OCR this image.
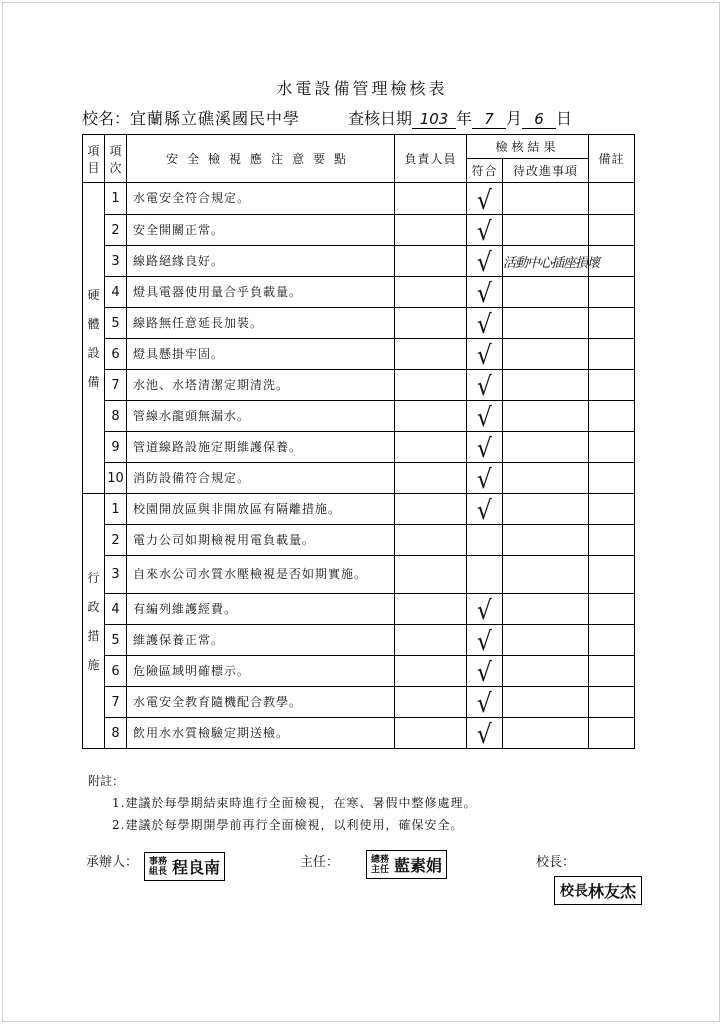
水電設備管理檢核表
校名：宜蘭縣立礁溪國民中學	查核日期 103 年 7 月 6 日
項目	項次	安全檢視應注意要點	負責人員	檢核結果		備註
				符合	待改進事項	

硬
體
設
備	1	水電安全符合規定。		√		
	2	安全開關正常。		√		
	3	線路絕緣良好。		√	活動中心插座損壞	
	4	燈具電器使用量合乎負載量。		√		
	5	線路無任意延長加裝。		√		
	6	燈具懸掛牢固。		√		
	7	水池、水塔清潔定期清洗。		√		
	8	管線水龍頭無漏水。		√		
	9	管道線路設施定期維護保養。		√		
	10	消防設備符合規定。		√		

行
政
措
施	1	校園開放區與非開放區有隔離措施。		√		
	2	電力公司如期檢視用電負載量。				
	3	自來水公司水質水壓檢視是否如期實施。				
	4	有編列維護經費。		√		
	5	維護保養正常。		√		
	6	危險區域明確標示。		√		
	7	水電安全教育隨機配合教學。		√		
	8	飲用水水質檢驗定期送檢。		√		
附註：
1.建議於每學期結束時進行全面檢視，在寒、暑假中整修處理。
2.建議於每學期開學前再行全面檢視，以利使用，確保安全。
承辦人：	事務組長 程良南	主任：	總務主任 藍素娟	校長：
校長林友杰
